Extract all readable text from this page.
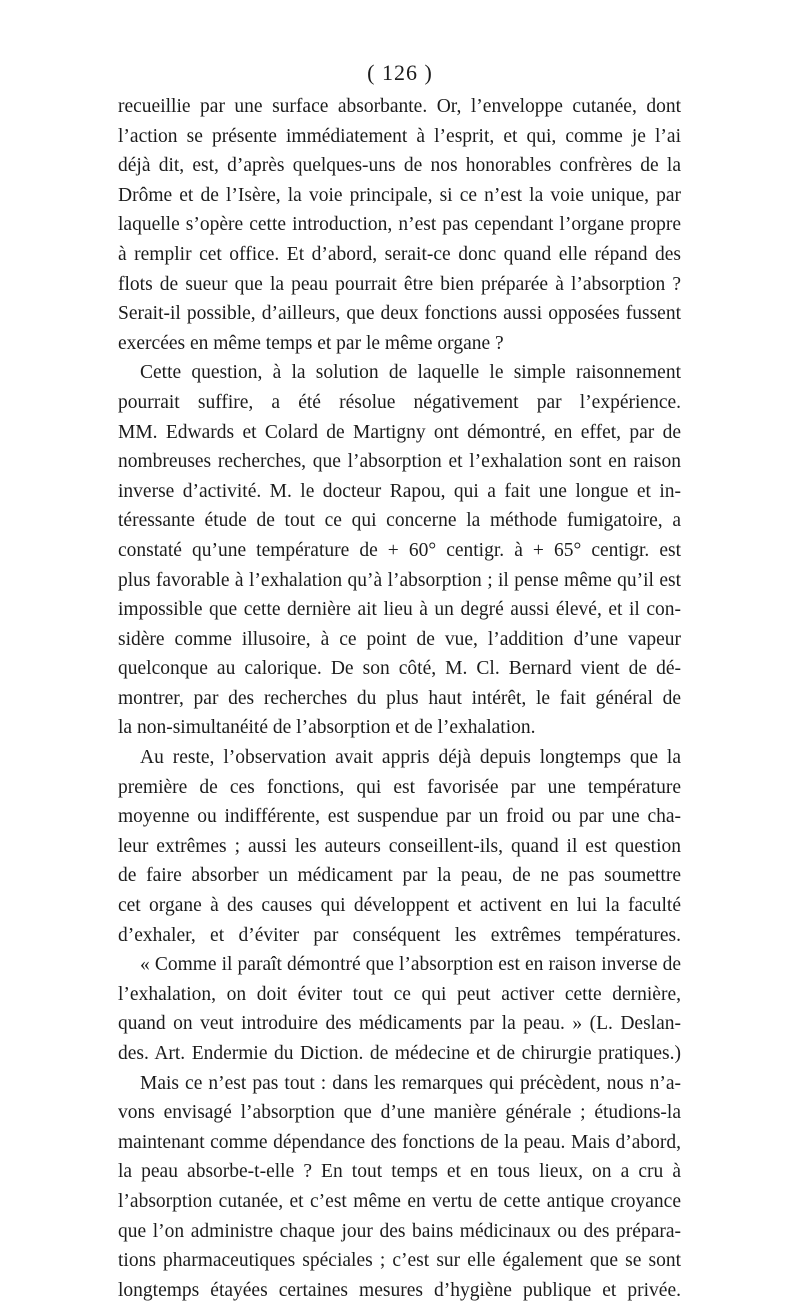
( 126 )
recueillie par une surface absorbante. Or, l’enveloppe cutanée, dont
l’action se présente immédiatement à l’esprit, et qui, comme je l’ai
déjà dit, est, d’après quelques-uns de nos honorables confrères de la
Drôme et de l’Isère, la voie principale, si ce n’est la voie unique, par
laquelle s’opère cette introduction, n’est pas cependant l’organe propre
à remplir cet office. Et d’abord, serait-ce donc quand elle répand des
flots de sueur que la peau pourrait être bien préparée à l’absorption ?
Serait-il possible, d’ailleurs, que deux fonctions aussi opposées fussent
exercées en même temps et par le même organe ?
Cette question, à la solution de laquelle le simple raisonnement
pourrait suffire, a été résolue négativement par l’expérience.
MM. Edwards et Colard de Martigny ont démontré, en effet, par de
nombreuses recherches, que l’absorption et l’exhalation sont en raison
inverse d’activité. M. le docteur Rapou, qui a fait une longue et in-
téressante étude de tout ce qui concerne la méthode fumigatoire, a
constaté qu’une température de + 60° centigr. à + 65° centigr. est
plus favorable à l’exhalation qu’à l’absorption ; il pense même qu’il est
impossible que cette dernière ait lieu à un degré aussi élevé, et il con-
sidère comme illusoire, à ce point de vue, l’addition d’une vapeur
quelconque au calorique. De son côté, M. Cl. Bernard vient de dé-
montrer, par des recherches du plus haut intérêt, le fait général de
la non-simultanéité de l’absorption et de l’exhalation.
Au reste, l’observation avait appris déjà depuis longtemps que la
première de ces fonctions, qui est favorisée par une température
moyenne ou indifférente, est suspendue par un froid ou par une cha-
leur extrêmes ; aussi les auteurs conseillent-ils, quand il est question
de faire absorber un médicament par la peau, de ne pas soumettre
cet organe à des causes qui développent et activent en lui la faculté
d’exhaler, et d’éviter par conséquent les extrêmes températures.
« Comme il paraît démontré que l’absorption est en raison inverse de
l’exhalation, on doit éviter tout ce qui peut activer cette dernière,
quand on veut introduire des médicaments par la peau. » (L. Deslan-
des. Art. Endermie du Diction. de médecine et de chirurgie pratiques.)
Mais ce n’est pas tout : dans les remarques qui précèdent, nous n’a-
vons envisagé l’absorption que d’une manière générale ; étudions-la
maintenant comme dépendance des fonctions de la peau. Mais d’abord,
la peau absorbe-t-elle ? En tout temps et en tous lieux, on a cru à
l’absorption cutanée, et c’est même en vertu de cette antique croyance
que l’on administre chaque jour des bains médicinaux ou des prépara-
tions pharmaceutiques spéciales ; c’est sur elle également que se sont
longtemps étayées certaines mesures d’hygiène publique et privée.
